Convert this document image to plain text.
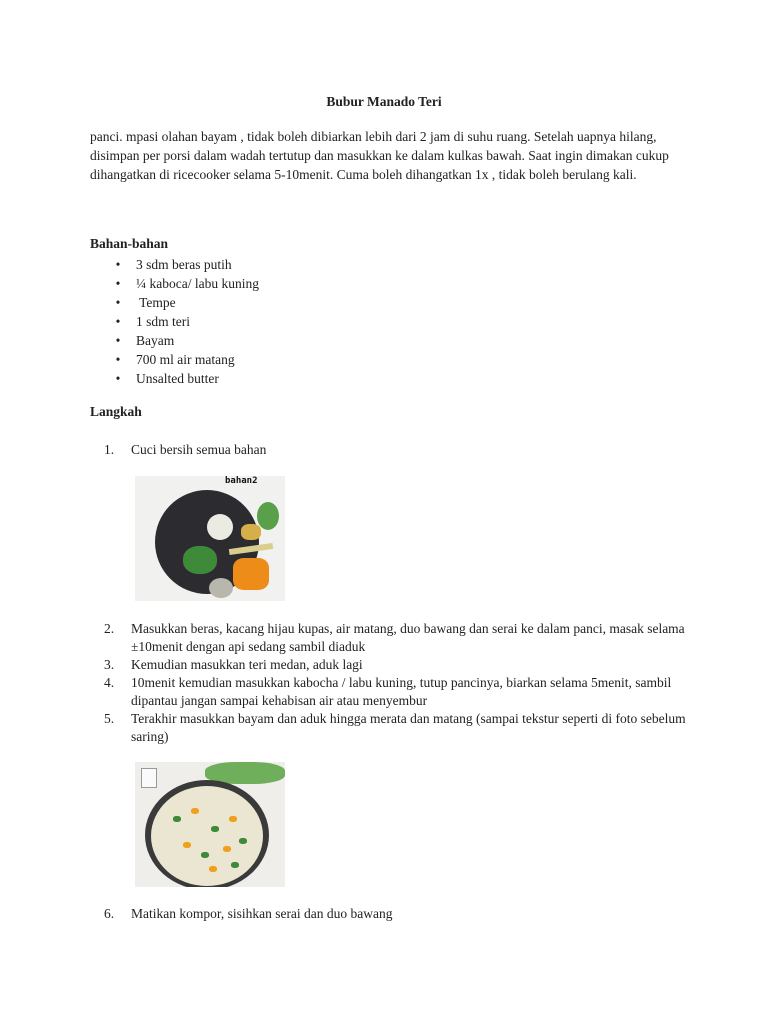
Bubur Manado Teri

panci. mpasi olahan bayam , tidak boleh dibiarkan lebih dari 2 jam di suhu ruang. Setelah uapnya hilang, disimpan per porsi dalam wadah tertutup dan masukkan ke dalam kulkas bawah. Saat ingin dimakan cukup dihangatkan di ricecooker selama 5-10menit. Cuma boleh dihangatkan 1x , tidak boleh berulang kali.

Bahan-bahan
• 3 sdm beras putih
• ¼ kaboca/ labu kuning
• Tempe
• 1 sdm teri
• Bayam
• 700 ml air matang
• Unsalted butter
Langkah
1. Cuci bersih semua bahan
bahan2
2. Masukkan beras, kacang hijau kupas, air matang, duo bawang dan serai ke dalam panci, masak selama ±10menit dengan api sedang sambil diaduk
3. Kemudian masukkan teri medan, aduk lagi
4. 10menit kemudian masukkan kabocha / labu kuning, tutup pancinya, biarkan selama 5menit, sambil dipantau jangan sampai kehabisan air atau menyembur
5. Terakhir masukkan bayam dan aduk hingga merata dan matang (sampai tekstur seperti di foto sebelum saring)
6. Matikan kompor, sisihkan serai dan duo bawang
